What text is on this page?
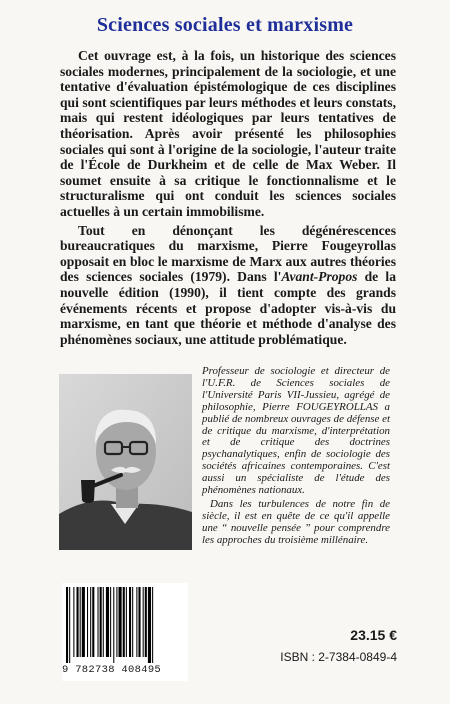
Sciences sociales et marxisme

Cet ouvrage est, à la fois, un historique des sciences sociales modernes, principalement de la sociologie, et une tentative d'évaluation épistémologique de ces disciplines qui sont scientifiques par leurs méthodes et leurs constats, mais qui restent idéologiques par leurs tentatives de théorisation. Après avoir présenté les philosophies sociales qui sont à l'origine de la sociologie, l'auteur traite de l'École de Durkheim et de celle de Max Weber. Il soumet ensuite à sa critique le fonctionnalisme et le structuralisme qui ont conduit les sciences sociales actuelles à un certain immobilisme.

Tout en dénonçant les dégénérescences bureaucratiques du marxisme, Pierre Fougeyrollas opposait en bloc le marxisme de Marx aux autres théories des sciences sociales (1979). Dans l'Avant-Propos de la nouvelle édition (1990), il tient compte des grands événements récents et propose d'adopter vis-à-vis du marxisme, en tant que théorie et méthode d'analyse des phénomènes sociaux, une attitude problématique.

Professeur de sociologie et directeur de l'U.F.R. de Sciences sociales de l'Université Paris VII-Jussieu, agrégé de philosophie, Pierre FOUGEYROLLAS a publié de nombreux ouvrages de défense et de critique du marxisme, d'interprétation et de critique des doctrines psychanalytiques, enfin de sociologie des sociétés africaines contemporaines. C'est aussi un spécialiste de l'étude des phénomènes nationaux.

Dans les turbulences de notre fin de siècle, il est en quête de ce qu'il appelle une “ nouvelle pensée ” pour comprendre les approches du troisième millénaire.

9 782738 408495
23.15 €
ISBN : 2-7384-0849-4
